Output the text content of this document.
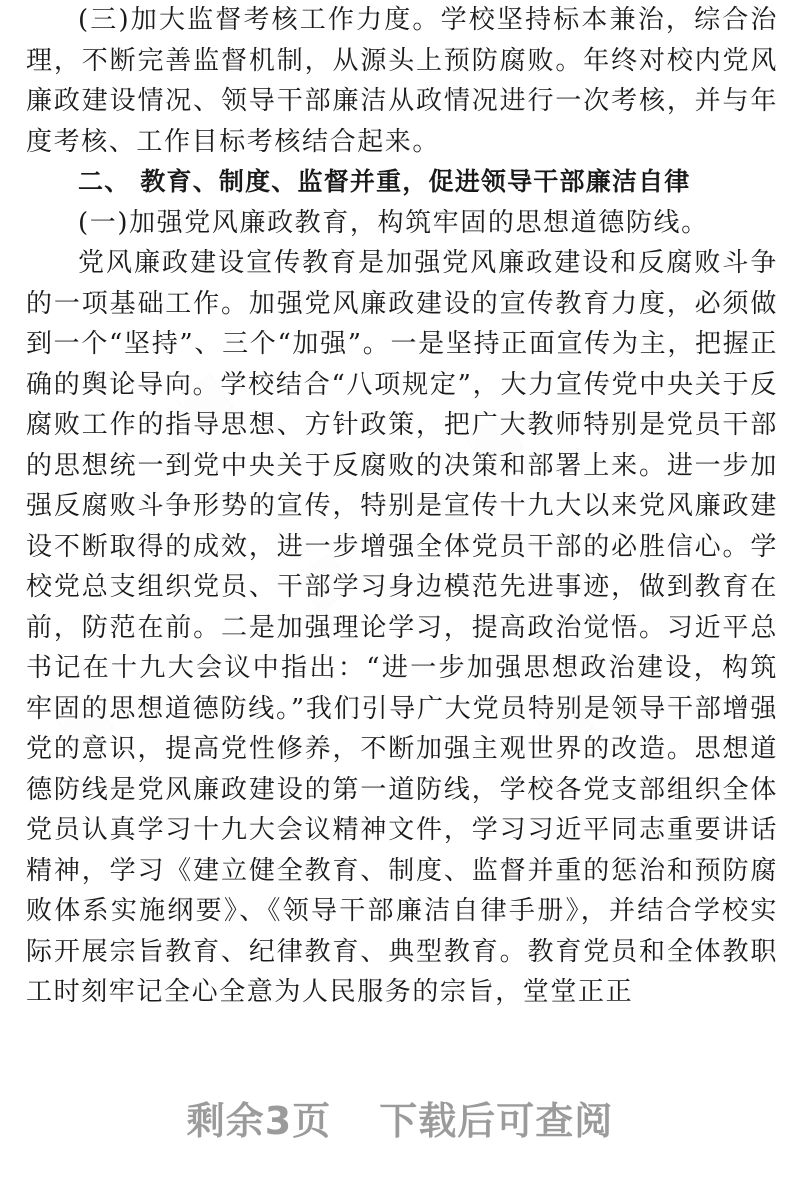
(三)加大监督考核工作力度。学校坚持标本兼治，综合治理，不断完善监督机制，从源头上预防腐败。年终对校内党风廉政建设情况、领导干部廉洁从政情况进行一次考核，并与年度考核、工作目标考核结合起来。

二、 教育、制度、监督并重，促进领导干部廉洁自律

(一)加强党风廉政教育，构筑牢固的思想道德防线。

党风廉政建设宣传教育是加强党风廉政建设和反腐败斗争的一项基础工作。加强党风廉政建设的宣传教育力度，必须做到一个“坚持”、三个“加强”。一是坚持正面宣传为主，把握正确的舆论导向。学校结合“八项规定”，大力宣传党中央关于反腐败工作的指导思想、方针政策，把广大教师特别是党员干部的思想统一到党中央关于反腐败的决策和部署上来。进一步加强反腐败斗争形势的宣传，特别是宣传十九大以来党风廉政建设不断取得的成效，进一步增强全体党员干部的必胜信心。学校党总支组织党员、干部学习身边模范先进事迹，做到教育在前，防范在前。二是加强理论学习，提高政治觉悟。习近平总书记在十九大会议中指出：“进一步加强思想政治建设，构筑牢固的思想道德防线。”我们引导广大党员特别是领导干部增强党的意识，提高党性修养，不断加强主观世界的改造。思想道德防线是党风廉政建设的第一道防线，学校各党支部组织全体党员认真学习十九大会议精神文件，学习习近平同志重要讲话精神，学习《建立健全教育、制度、监督并重的惩治和预防腐败体系实施纲要》、《领导干部廉洁自律手册》，并结合学校实际开展宗旨教育、纪律教育、典型教育。教育党员和全体教职工时刻牢记全心全意为人民服务的宗旨，堂堂正正

剩余3页 下载后可查阅
